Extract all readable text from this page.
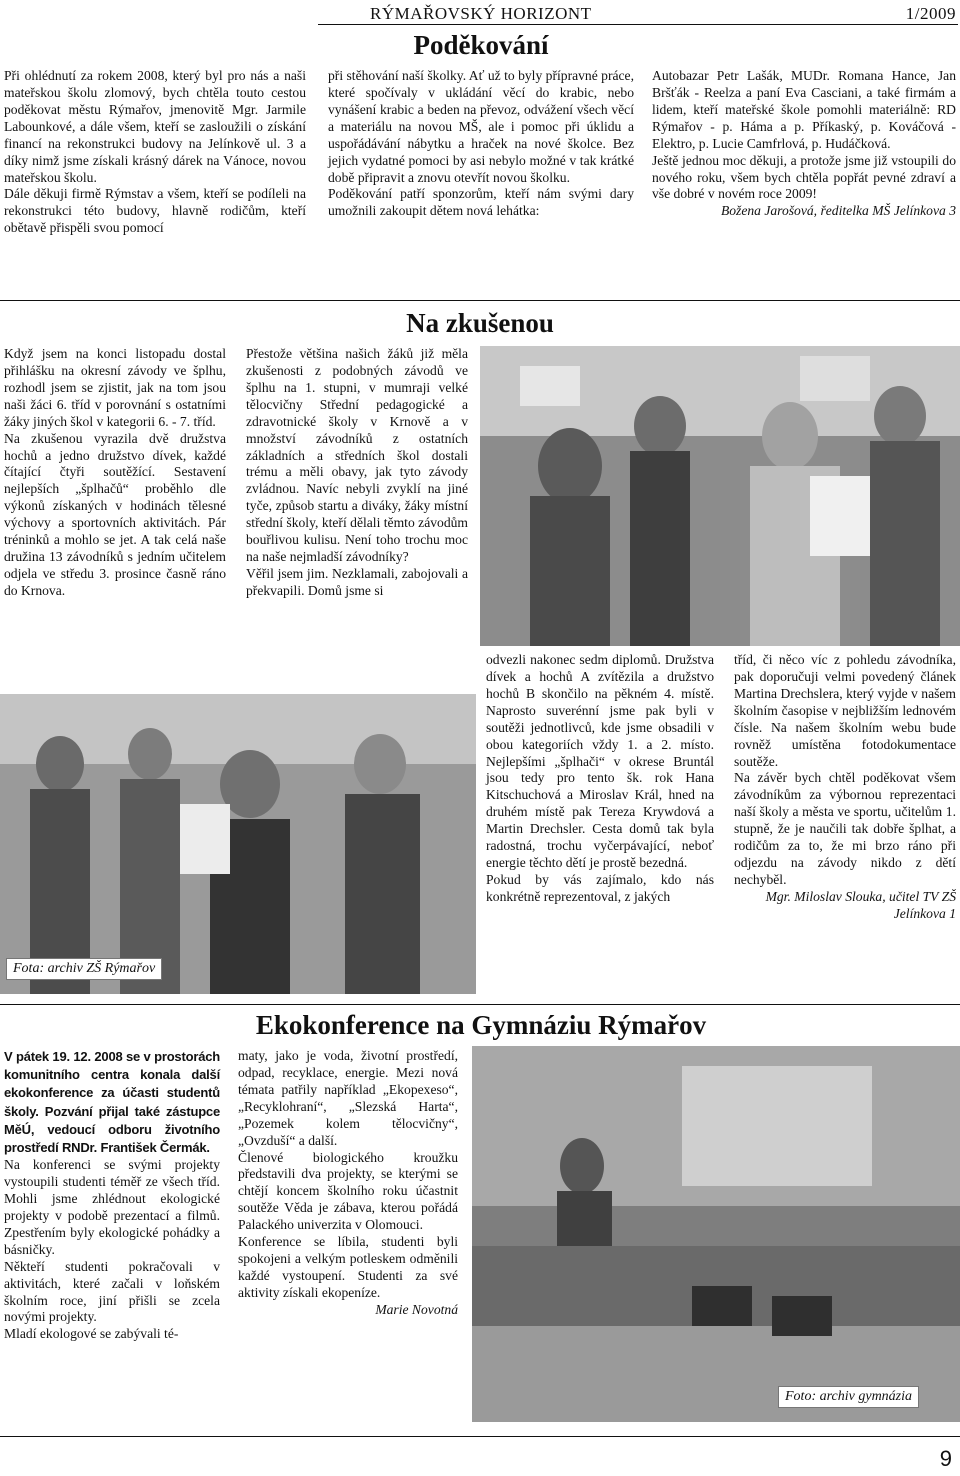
RÝMAŘOVSKÝ HORIZONT	1/2009
Poděkování

Při ohlédnutí za rokem 2008, který byl pro nás a naši mateřskou školu zlomový, bych chtěla touto cestou poděkovat městu Rýmařov, jmenovitě Mgr. Jarmile Labounkové, a dále všem, kteří se zasloužili o získání financí na rekonstrukci budovy na Jelínkově ul. 3 a díky nimž jsme získali krásný dárek na Vánoce, novou mateřskou školu.

Dále děkuji firmě Rýmstav a všem, kteří se podíleli na rekonstrukci této budovy, hlavně rodičům, kteří obětavě přispěli svou pomocí

při stěhování naší školky. Ať už to byly přípravné práce, které spočívaly v ukládání věcí do krabic, nebo vynášení krabic a beden na převoz, odvážení všech věcí a materiálu na novou MŠ, ale i pomoc při úklidu a uspořádávání nábytku a hraček na nové školce. Bez jejich vydatné pomoci by asi nebylo možné v tak krátké době připravit a znovu otevřít novou školku.

Poděkování patří sponzorům, kteří nám svými dary umožnili zakoupit dětem nová lehátka:

Autobazar Petr Lašák, MUDr. Romana Hance, Jan Bršťák - Reelza a paní Eva Casciani, a také firmám a lidem, kteří mateřské škole pomohli materiálně: RD Rýmařov - p. Háma a p. Příkaský, p. Kováčová - Elektro, p. Lucie Camfrlová, p. Hudáčková.

Ještě jednou moc děkuji, a protože jsme již vstoupili do nového roku, všem bych chtěla popřát pevné zdraví a vše dobré v novém roce 2009!

Božena Jarošová, ředitelka MŠ Jelínkova 3

Na zkušenou

Když jsem na konci listopadu dostal přihlášku na okresní závody ve šplhu, rozhodl jsem se zjistit, jak na tom jsou naši žáci 6. tříd v porovnání s ostatními žáky jiných škol v kategorii 6. - 7. tříd.

Na zkušenou vyrazila dvě družstva hochů a jedno družstvo dívek, každé čítající čtyři soutěžící. Sestavení nejlepších „šplhačů“ proběhlo dle výkonů získaných v hodinách tělesné výchovy a sportovních aktivitách. Pár tréninků a mohlo se jet. A tak celá naše družina 13 závodníků s jedním učitelem odjela ve středu 3. prosince časně ráno do Krnova.

Přestože většina našich žáků již měla zkušenosti z podobných závodů ve šplhu na 1. stupni, v mumraji velké tělocvičny Střední pedagogické a zdravotnické školy v Krnově a v množství závodníků z ostatních základních a středních škol dostali trému a měli obavy, jak tyto závody zvládnou. Navíc nebyli zvyklí na jiné tyče, způsob startu a diváky, žáky místní střední školy, kteří dělali těmto závodům bouřlivou kulisu. Není toho trochu moc na naše nejmladší závodníky?

Věřil jsem jim. Nezklamali, zabojovali a překvapili. Domů jsme si

odvezli nakonec sedm diplomů. Družstva dívek a hochů A zvítězila a družstvo hochů B skončilo na pěkném 4. místě. Naprosto suverénní jsme pak byli v soutěži jednotlivců, kde jsme obsadili v obou kategoriích vždy 1. a 2. místo. Nejlepšími „šplhači“ v okrese Bruntál jsou tedy pro tento šk. rok Hana Kitschuchová a Miroslav Král, hned na druhém místě pak Tereza Krywdová a Martin Drechsler. Cesta domů tak byla radostná, trochu vyčerpávající, neboť energie těchto dětí je prostě bezedná.

Pokud by vás zajímalo, kdo nás konkrétně reprezentoval, z jakých

tříd, či něco víc z pohledu závodníka, pak doporučuji velmi povedený článek Martina Drechslera, který vyjde v našem školním časopise v nejbližším lednovém čísle. Na našem školním webu bude rovněž umístěna fotodokumentace soutěže.

Na závěr bych chtěl poděkovat všem závodníkům za výbornou reprezentaci naší školy a města ve sportu, učitelům 1. stupně, že je naučili tak dobře šplhat, a rodičům za to, že mi brzo ráno při odjezdu na závody nikdo z dětí nechyběl.

Mgr. Miloslav Slouka, učitel TV ZŠ Jelínkova 1

Fota: archiv ZŠ Rýmařov
Ekokonference na Gymnáziu Rýmařov

V pátek 19. 12. 2008 se v prostorách komunitního centra konala další ekokonference za účasti studentů školy. Pozvání přijal také zástupce MěÚ, vedoucí odboru životního prostředí RNDr. František Čermák.

Na konferenci se svými projekty vystoupili studenti téměř ze všech tříd. Mohli jsme zhlédnout ekologické projekty v podobě prezentací a filmů. Zpestřením byly ekologické pohádky a básničky.

Někteří studenti pokračovali v aktivitách, které začali v loňském školním roce, jiní přišli se zcela novými projekty.

Mladí ekologové se zabývali té-

maty, jako je voda, životní prostředí, odpad, recyklace, energie. Mezi nová témata patřily například „Ekopexeso“, „Recyklohraní“, „Slezská Harta“, „Pozemek kolem tělocvičny“, „Ovzduší“ a další.

Členové biologického kroužku představili dva projekty, se kterými se chtějí koncem školního roku účastnit soutěže Věda je zábava, kterou pořádá Palackého univerzita v Olomouci.

Konference se líbila, studenti byli spokojeni a velkým potleskem odměnili každé vystoupení. Studenti za své aktivity získali ekopeníze.

Marie Novotná

Foto: archiv gymnázia
9
